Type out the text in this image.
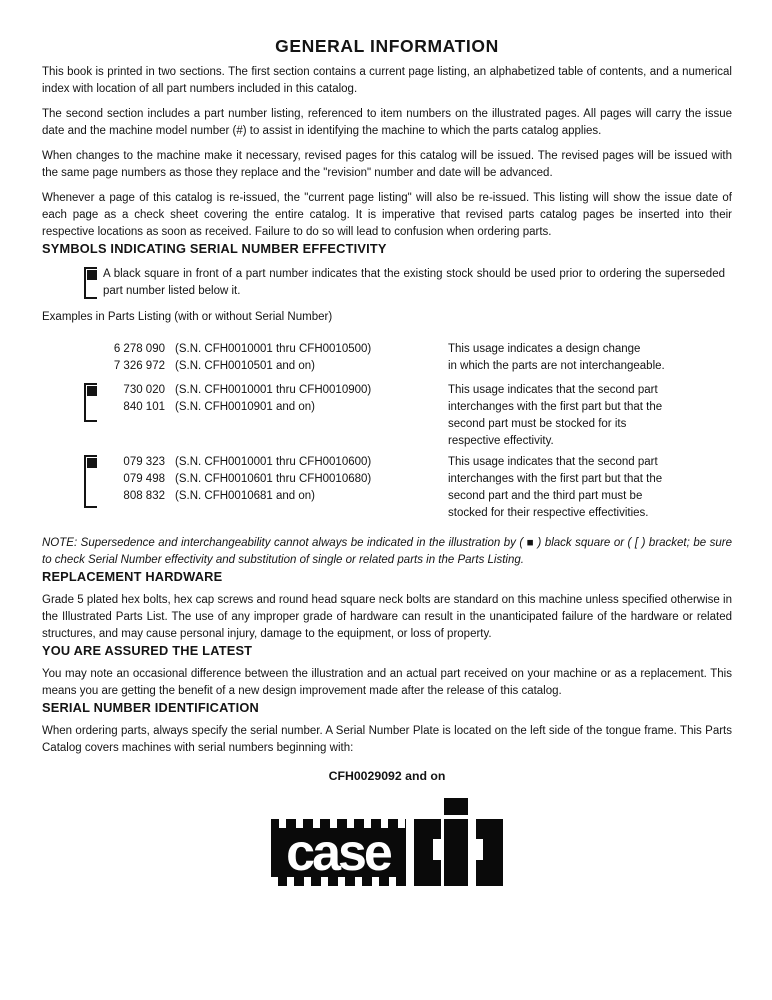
GENERAL INFORMATION

This book is printed in two sections. The first section contains a current page listing, an alphabetized table of contents, and a numerical index with location of all part numbers included in this catalog.

The second section includes a part number listing, referenced to item numbers on the illustrated pages. All pages will carry the issue date and the machine model number (#) to assist in identifying the machine to which the parts catalog applies.

When changes to the machine make it necessary, revised pages for this catalog will be issued. The revised pages will be issued with the same page numbers as those they replace and the "revision" number and date will be advanced.

Whenever a page of this catalog is re-issued, the "current page listing" will also be re-issued. This listing will show the issue date of each page as a check sheet covering the entire catalog. It is imperative that revised parts catalog pages be inserted into their respective locations as soon as received. Failure to do so will lead to confusion when ordering parts.

SYMBOLS INDICATING SERIAL NUMBER EFFECTIVITY

A black square in front of a part number indicates that the existing stock should be used prior to ordering the superseded part number listed below it.

Examples in Parts Listing (with or without Serial Number)

6 278 090 (S.N. CFH0010001 thru CFH0010500)
7 326 972 (S.N. CFH0010501 and on)
This usage indicates a design change
in which the parts are not interchangeable.
730 020 (S.N. CFH0010001 thru CFH0010900)
840 101 (S.N. CFH0010901 and on)
This usage indicates that the second part
interchanges with the first part but that the
second part must be stocked for its
respective effectivity.
079 323 (S.N. CFH0010001 thru CFH0010600)
079 498 (S.N. CFH0010601 thru CFH0010680)
808 832 (S.N. CFH0010681 and on)
This usage indicates that the second part
interchanges with the first part but that the
second part and the third part must be
stocked for their respective effectivities.

NOTE: Supersedence and interchangeability cannot always be indicated in the illustration by ( ■ ) black square or ( [ ) bracket; be sure to check Serial Number effectivity and substitution of single or related parts in the Parts Listing.

REPLACEMENT HARDWARE

Grade 5 plated hex bolts, hex cap screws and round head square neck bolts are standard on this machine unless specified otherwise in the Illustrated Parts List. The use of any improper grade of hardware can result in the unanticipated failure of the hardware or related structures, and may cause personal injury, damage to the equipment, or loss of property.

YOU ARE ASSURED THE LATEST

You may note an occasional difference between the illustration and an actual part received on your machine or as a replacement. This means you are getting the benefit of a new design improvement made after the release of this catalog.

SERIAL NUMBER IDENTIFICATION

When ordering parts, always specify the serial number. A Serial Number Plate is located on the left side of the tongue frame. This Parts Catalog covers machines with serial numbers beginning with:

CFH0029092 and on

case
